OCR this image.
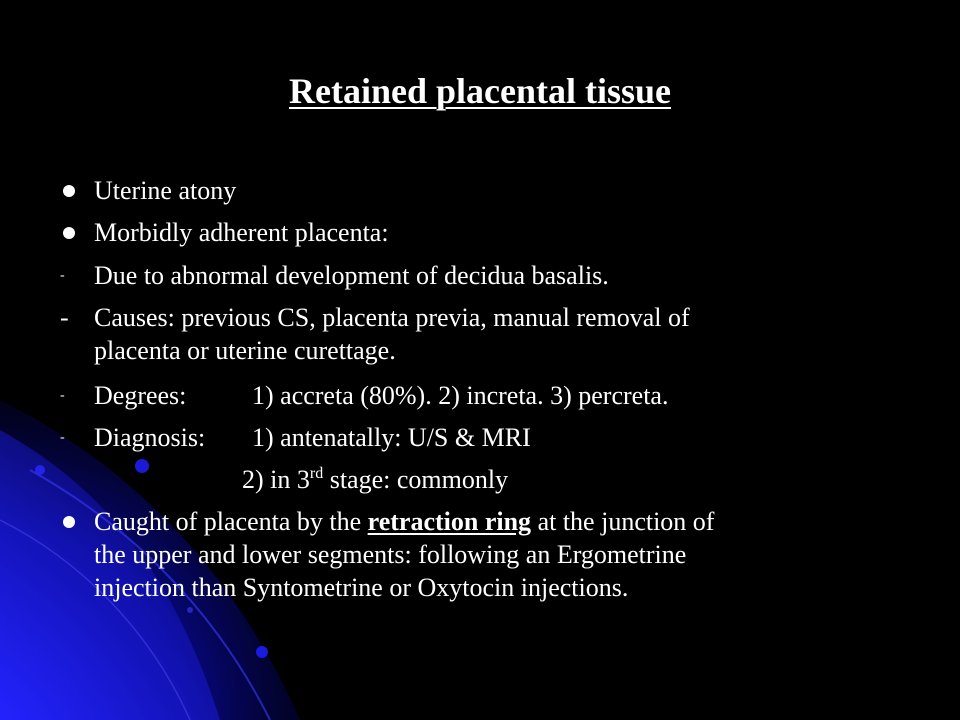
Retained placental tissue
Uterine atony
Morbidly adherent placenta:
- Due to abnormal development of decidua basalis.
- Causes: previous CS, placenta previa, manual removal of
placenta or uterine curettage.
- Degrees:	1) accreta (80%). 2) increta. 3) percreta.
- Diagnosis: 1) antenatally: U/S & MRI
2) in 3rd stage: commonly
Caught of placenta by the retraction ring at the junction of
the upper and lower segments: following an Ergometrine
injection than Syntometrine or Oxytocin injections.
